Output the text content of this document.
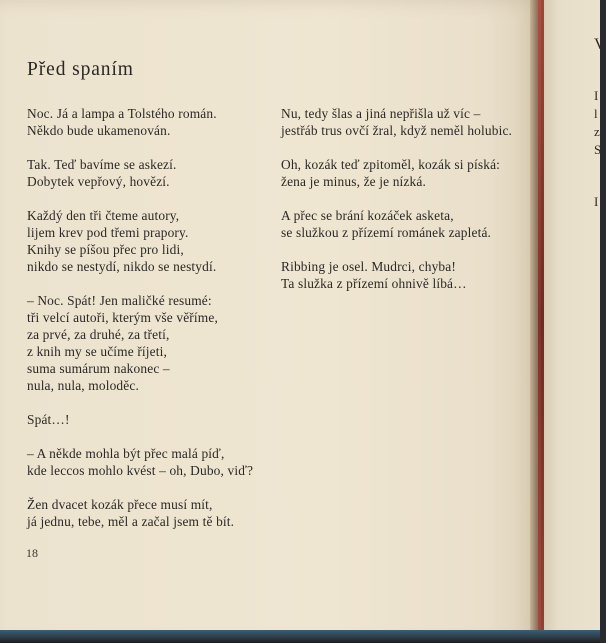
V
I
l
z
S
I
Před spaním
Noc. Já a lampa a Tolstého román.
Někdo bude ukamenován.
Tak. Teď bavíme se askezí.
Dobytek vepřový, hovězí.
Každý den tři čteme autory,
lijem krev pod třemi prapory.
Knihy se píšou přec pro lidi,
nikdo se nestydí, nikdo se nestydí.
– Noc. Spát! Jen maličké resumé:
tři velcí autoři, kterým vše věříme,
za prvé, za druhé, za třetí,
z knih my se učíme říjeti,
suma sumárum nakonec –
nula, nula, moloděc.
Spát…!
– A někde mohla být přec malá píď,
kde leccos mohlo kvést – oh, Dubo, viď?
Žen dvacet kozák přece musí mít,
já jednu, tebe, měl a začal jsem tě bít.
Nu, tedy šlas a jiná nepřišla už víc –
jestřáb trus ovčí žral, když neměl holubic.
Oh, kozák teď zpitoměl, kozák si píská:
žena je minus, že je nízká.
A přec se brání kozáček asketa,
se služkou z přízemí románek zapletá.
Ribbing je osel. Mudrci, chyba!
Ta služka z přízemí ohnivě líbá…
18
